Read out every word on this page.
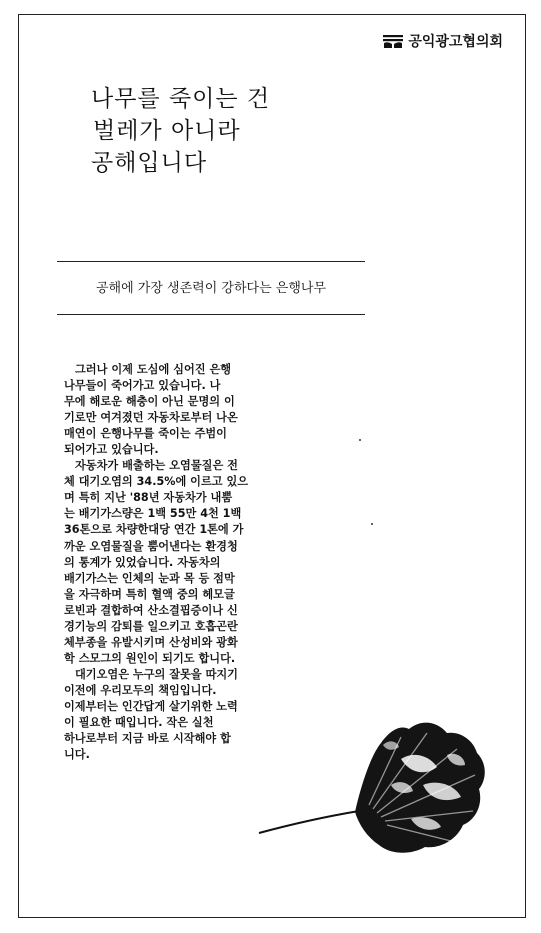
공익광고협의회
나무를 죽이는 건
벌레가 아니라
공해입니다
공해에 가장 생존력이 강하다는 은행나무
그러나 이제 도심에 심어진 은행
나무들이 죽어가고 있습니다. 나
무에 해로운 해충이 아닌 문명의 이
기로만 여겨졌던 자동차로부터 나온
매연이 은행나무를 죽이는 주범이
되어가고 있습니다.
자동차가 배출하는 오염물질은 전
체 대기오염의 34.5%에 이르고 있으
며 특히 지난 '88년 자동차가 내뿜
는 배기가스량은 1백 55만 4천 1백
36톤으로 차량한대당 연간 1톤에 가
까운 오염물질을 뿜어낸다는 환경청
의 통계가 있었습니다. 자동차의
배기가스는 인체의 눈과 목 등 점막
을 자극하며 특히 혈액 중의 헤모글
로빈과 결합하여 산소결핍증이나 신
경기능의 감퇴를 일으키고 호흡곤란
체부종을 유발시키며 산성비와 광화
학 스모그의 원인이 되기도 합니다.
대기오염은 누구의 잘못을 따지기
이전에 우리모두의 책임입니다.
이제부터는 인간답게 살기위한 노력
이 필요한 때입니다. 작은 실천
하나로부터 지금 바로 시작해야 합
니다.
